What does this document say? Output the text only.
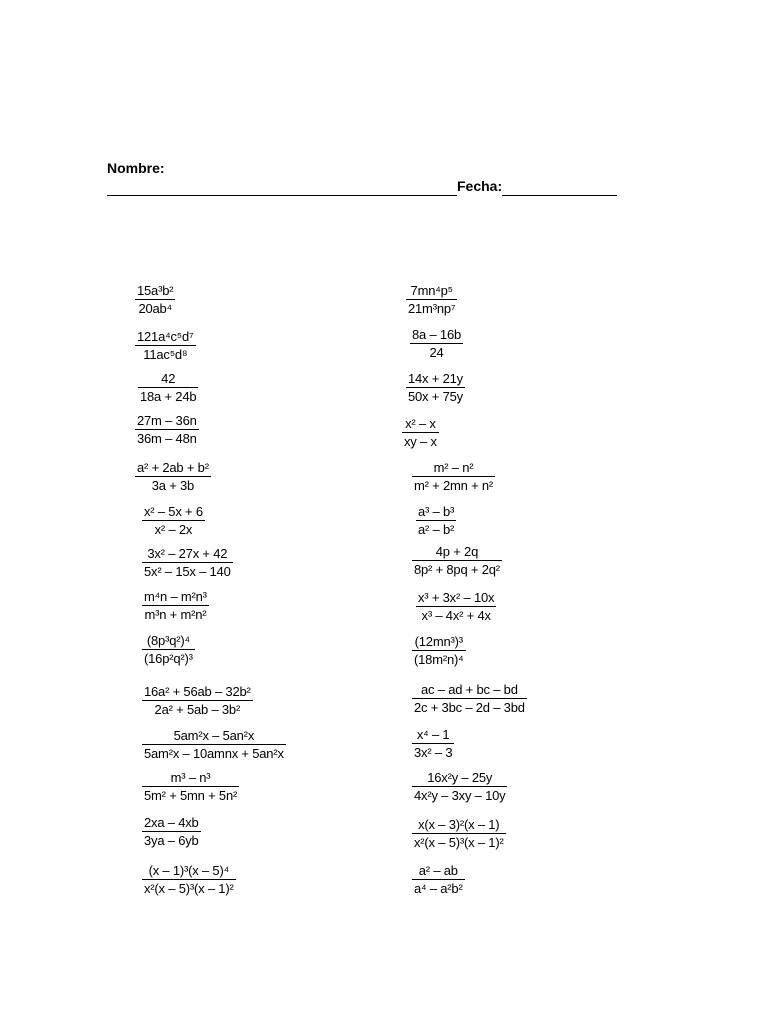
Nombre:
Fecha:
$\frac{\text{15a³b²}}{\text{20ab⁴}}$
$\frac{\text{121a⁴c⁵d⁷}}{\text{11ac⁵d⁸}}$
$\frac{42}{18a + 24b}$
$\frac{27m - 36n}{36m - 48n}$
$\frac{\text{a² + 2ab + b²}}{3a + 3b}$
$\frac{\text{x² – 5x + 6}}{\text{x² – 2x}}$
$\frac{\text{3x² – 27x + 42}}{\text{5x² – 15x – 140}}$
$\frac{\text{m⁴n – m²n³}}{\text{m³n + m²n²}}$
$\frac{\text{(8p³q²)⁴}}{\text{(16p²q²)³}}$
$\frac{\text{16a² + 56ab – 32b²}}{\text{2a² + 5ab – 3b²}}$
5am²x – 5an²x
5am²x – 10amnx + 5an²x
$\frac{\text{m³ – n³}}{\text{5m² + 5mn + 5n²}}$
$\frac{2xa - 4xb}{3ya - 6yb}$
$\frac{\text{(x – 1)³(x – 5)⁴}}{\text{x²(x – 5)³(x – 1)²}}$
$\frac{\text{7mn⁴p⁵}}{\text{21m³np⁷}}$
$\frac{8a - 16b}{24}$
$\frac{14x + 21y}{50x + 75y}$
$\frac{\text{x² – x}}{xy - x}$
$\frac{\text{m² – n²}}{\text{m² + 2mn + n²}}$
$\frac{\text{a³ – b³}}{\text{a² – b²}}$
$\frac{4p + 2q}{\text{8p² + 8pq + 2q²}}$
$\frac{\text{x³ + 3x² – 10x}}{\text{x³ – 4x² + 4x}}$
$\frac{\text{(12mn³)³}}{\text{(18m²n)⁴}}$
$\frac{ac - ad + bc - bd}{2c + 3bc - 2d - 3bd}$
$\frac{\text{x⁴ – 1}}{\text{3x² – 3}}$
$\frac{\text{16x²y – 25y}}{\text{4x²y – 3xy – 10y}}$
$\frac{\text{x(x – 3)²(x – 1)}}{\text{x²(x – 5)³(x – 1)²}}$
$\frac{\text{a² – ab}}{\text{a⁴ – a²b²}}$
